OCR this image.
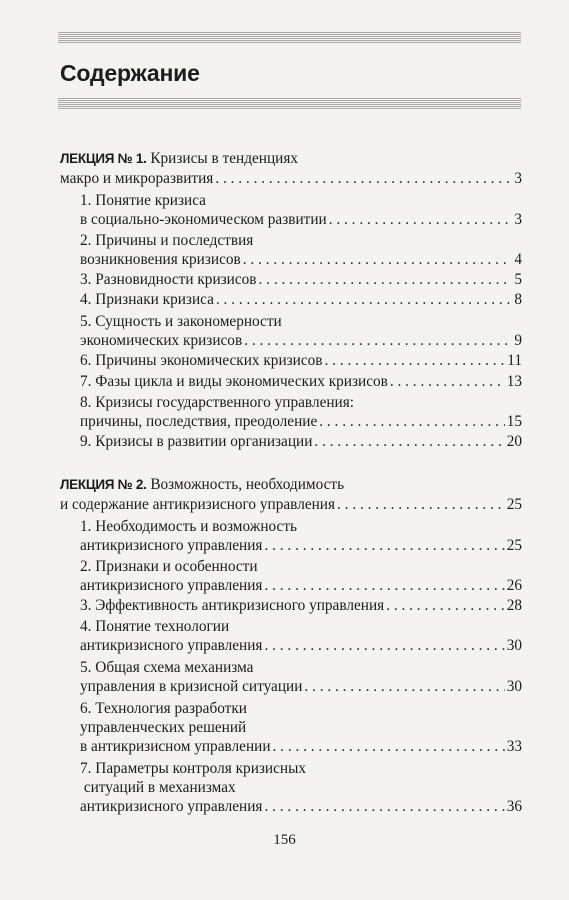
Содержание
ЛЕКЦИЯ № 1. Кризисы в тенденциях
макро и микроразвития . . .	3
1. Понятие кризиса
в социально-экономическом развитии . . .	3
2. Причины и последствия
возникновения кризисов . . .	4
3. Разновидности кризисов . . .	5
4. Признаки кризиса . . .	8
5. Сущность и закономерности
экономических кризисов . . .	9
6. Причины экономических кризисов . . .	11
7. Фазы цикла и виды экономических кризисов . . .	13
8. Кризисы государственного управления:
причины, последствия, преодоление . . .	15
9. Кризисы в развитии организации . . .	20
ЛЕКЦИЯ № 2. Возможность, необходимость
и содержание антикризисного управления . . .	25
1. Необходимость и возможность
антикризисного управления . . .	25
2. Признаки и особенности
антикризисного управления . . .	26
3. Эффективность антикризисного управления . . .	28
4. Понятие технологии
антикризисного управления . . .	30
5. Общая схема механизма
управления в кризисной ситуации . . .	30
6. Технология разработки
управленческих решений
в антикризисном управлении . . .	33
7. Параметры контроля кризисных
ситуаций в механизмах
антикризисного управления . . .	36
156
